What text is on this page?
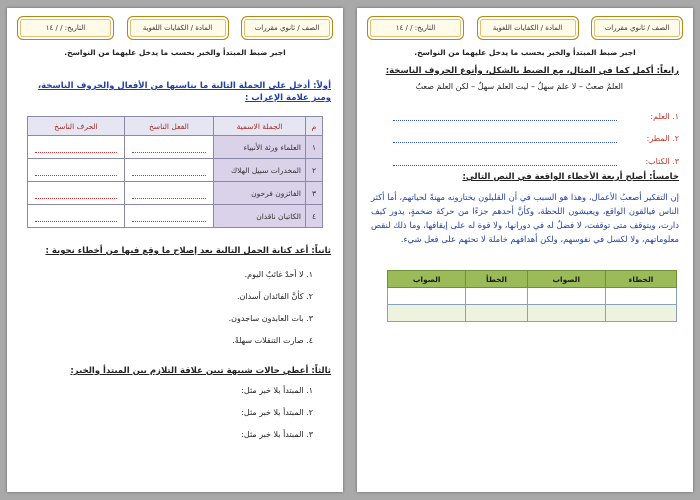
الصف / ثانوي مقررات
المادة / الكفايات اللغوية
التاريخ: / / ١٤
اجبر ضبط المبتدأ والخبر بحسب ما يدخل عليهما من النواسخ.
أولاً: أدخل على الجملة التالية ما يناسبها من الأفعال والحروف الناسخة، وميز علامة الإعراب :
م	الجملة الاسمية	الفعل الناسخ	الحرف الناسخ
١	العلماء ورثة الأنبياء	

٢	المخدرات سبيل الهلاك	

٣	الفائزون فرحون	

٤	الكاتبان ناقدان	

ثانياً: أعد كتابة الجمل التالية بعد إصلاح ما وقع فيها من أخطاء نحوية :
١. لا أحدٌ غائبٌ اليوم.
٢. كأنَّ الفائدان أسدان.
٣. بات العابدون ساجدون.
٤. صارت التنقلات سهلةً.
ثالثاً: أعطي حالات شبيهة تبين علاقة التلازم بين المبتدأ والخبر:
١. المبتدأ بلا خبر مثل:
٢. المبتدأ بلا خبر مثل:
٣. المبتدأ بلا خبر مثل:
الصف / ثانوي مقررات
المادة / الكفايات اللغوية
التاريخ: / / ١٤
اجبر ضبط المبتدأ والخبر بحسب ما يدخل عليهما من النواسخ.
رابعاً: أكمل كما في المثال، مع الضبط بالشكل، وأنوع الحروف الناسخة:
العلمُ صعبٌ – لا علمَ سهلٌ – ليت العلمَ سهلٌ – لكن العلمَ صعبٌ
١. العلم:
٢. المطر:
٣. الكتاب:
خامساً: أصلح أربعة الأخطاء الواقعة في النص التالي:
إن التفكير أصعبُ الأعمال، وهذا هو السبب في أن القليلون يختارونه مهنةً لحياتهم، أما أكثر الناس فيالقون الواقع، ويعيشون اللحظة، وكأنَّ أحدهم جزءًا من حركة ضخمةٍ، يدور كيف دارت، ويتوقف متى توقفت، لا فضلٌ له في دورانها، ولا قوة له على إيقافها، وما ذلك لنقص معلوماتهم، ولا لكسل في نفوسهم، ولكن أهدافهم خاملة لا تحثهم على فعل شيء.
الخطاء	الصواب	الخطأ	الصواب
